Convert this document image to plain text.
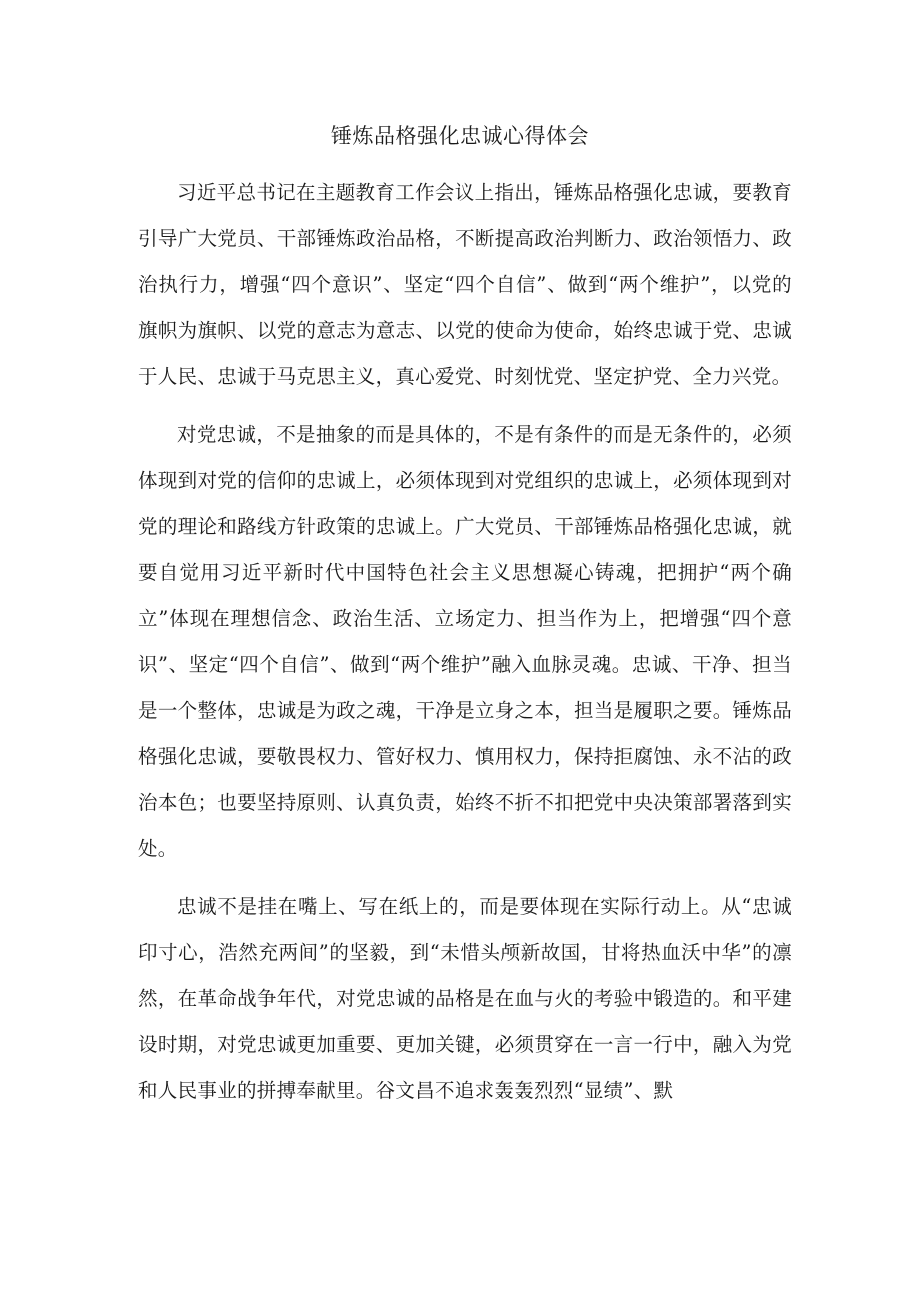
锤炼品格强化忠诚心得体会

习近平总书记在主题教育工作会议上指出，锤炼品格强化忠诚，要教育引导广大党员、干部锤炼政治品格，不断提高政治判断力、政治领悟力、政治执行力，增强“四个意识”、坚定“四个自信”、做到“两个维护”，以党的旗帜为旗帜、以党的意志为意志、以党的使命为使命，始终忠诚于党、忠诚于人民、忠诚于马克思主义，真心爱党、时刻忧党、坚定护党、全力兴党。

对党忠诚，不是抽象的而是具体的，不是有条件的而是无条件的，必须体现到对党的信仰的忠诚上，必须体现到对党组织的忠诚上，必须体现到对党的理论和路线方针政策的忠诚上。广大党员、干部锤炼品格强化忠诚，就要自觉用习近平新时代中国特色社会主义思想凝心铸魂，把拥护“两个确立”体现在理想信念、政治生活、立场定力、担当作为上，把增强“四个意识”、坚定“四个自信”、做到“两个维护”融入血脉灵魂。忠诚、干净、担当是一个整体，忠诚是为政之魂，干净是立身之本，担当是履职之要。锤炼品格强化忠诚，要敬畏权力、管好权力、慎用权力，保持拒腐蚀、永不沾的政治本色；也要坚持原则、认真负责，始终不折不扣把党中央决策部署落到实处。

忠诚不是挂在嘴上、写在纸上的，而是要体现在实际行动上。从“忠诚印寸心，浩然充两间”的坚毅，到“未惜头颅新故国，甘将热血沃中华”的凛然，在革命战争年代，对党忠诚的品格是在血与火的考验中锻造的。和平建设时期，对党忠诚更加重要、更加关键，必须贯穿在一言一行中，融入为党和人民事业的拼搏奉献里。谷文昌不追求轰轰烈烈“显绩”、默
